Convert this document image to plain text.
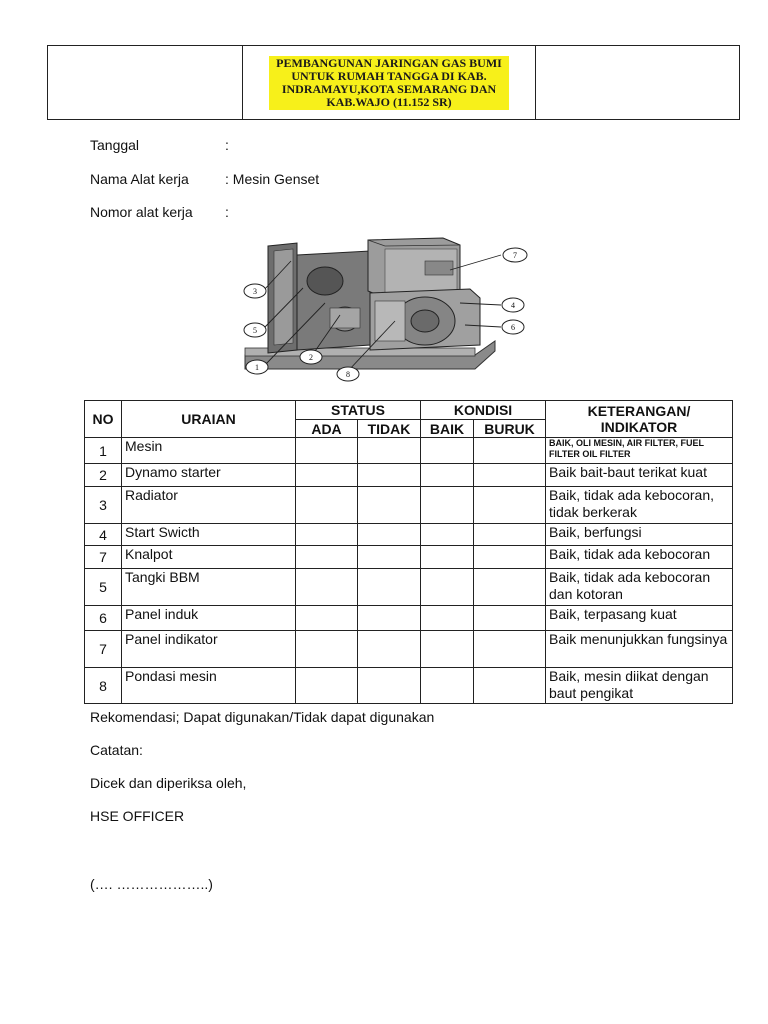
PEMBANGUNAN JARINGAN GAS BUMI UNTUK RUMAH TANGGA DI KAB. INDRAMAYU,KOTA SEMARANG DAN KAB.WAJO (11.152 SR)

Tanggal	:
Nama Alat kerja	: Mesin Genset
Nomor alat kerja :
7
3
4
5	6
2
1
8
NO	URAIAN	STATUS		KONDISI		KETERANGAN/ INDIKATOR
		ADA	TIDAK	BAIK	BURUK	
1	Mesin					BAIK, OLI MESIN, AIR FILTER, FUEL FILTER OIL FILTER

2	Dynamo starter					Baik bait-baut terikat kuat
3	Radiator					Baik, tidak ada kebocoran, tidak berkerak
4	Start Swicth					Baik, berfungsi
7	Knalpot					Baik, tidak ada kebocoran
5	Tangki BBM					Baik, tidak ada kebocoran dan kotoran
6	Panel induk					Baik, terpasang kuat
7	Panel indikator					Baik menunjukkan fungsinya
8	Pondasi mesin					Baik, mesin diikat dengan baut pengikat
Rekomendasi; Dapat digunakan/Tidak dapat digunakan
Catatan:
Dicek dan diperiksa oleh,
HSE OFFICER
(…. ………………..)
